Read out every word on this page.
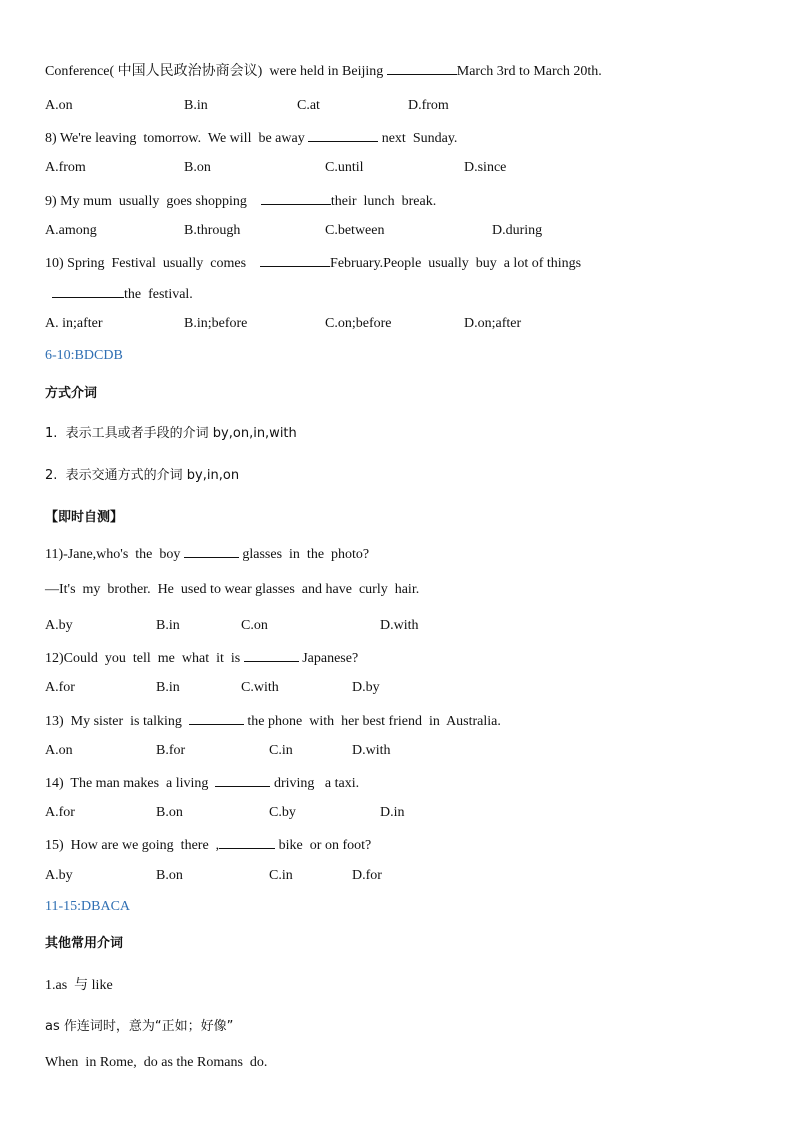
Conference( 中国人民政治协商会议)  were held in Beijing	March 3rd to March 20th.
A.on	B.in	C.at	D.from
8) We're leaving  tomorrow.  We will  be away	next  Sunday.
A.from	B.on	C.until	D.since
9) My mum  usually  goes shopping	their  lunch  break.
A.among	B.through	C.between	D.during
10) Spring  Festival  usually  comes	February.People  usually  buy  a lot of things
the  festival.
A. in;after	B.in;before	C.on;before	D.on;after
6-10:BDCDB
方式介词
1.  表示工具或者手段的介词 by,on,in,with
2.  表示交通方式的介词 by,in,on
【即时自测】
11)-Jane,who's  the  boy	glasses  in  the  photo?
—It's  my  brother.  He  used to wear glasses  and have  curly  hair.
A.by	B.in	C.on	D.with
12)Could  you  tell  me  what  it  is	Japanese?
A.for	B.in	C.with	D.by
13)  My sister  is talking	the phone  with  her best friend  in  Australia.
A.on	B.for	C.in	D.with
14)  The man makes  a living	driving   a taxi.
A.for	B.on	C.by	D.in
15)  How are we going  there  ,	bike  or on foot?
A.by	B.on	C.in	D.for
11-15:DBACA
其他常用介词
1.as  与 like
as 作连词时，意为“正如；好像”
When  in Rome,  do as the Romans  do.
